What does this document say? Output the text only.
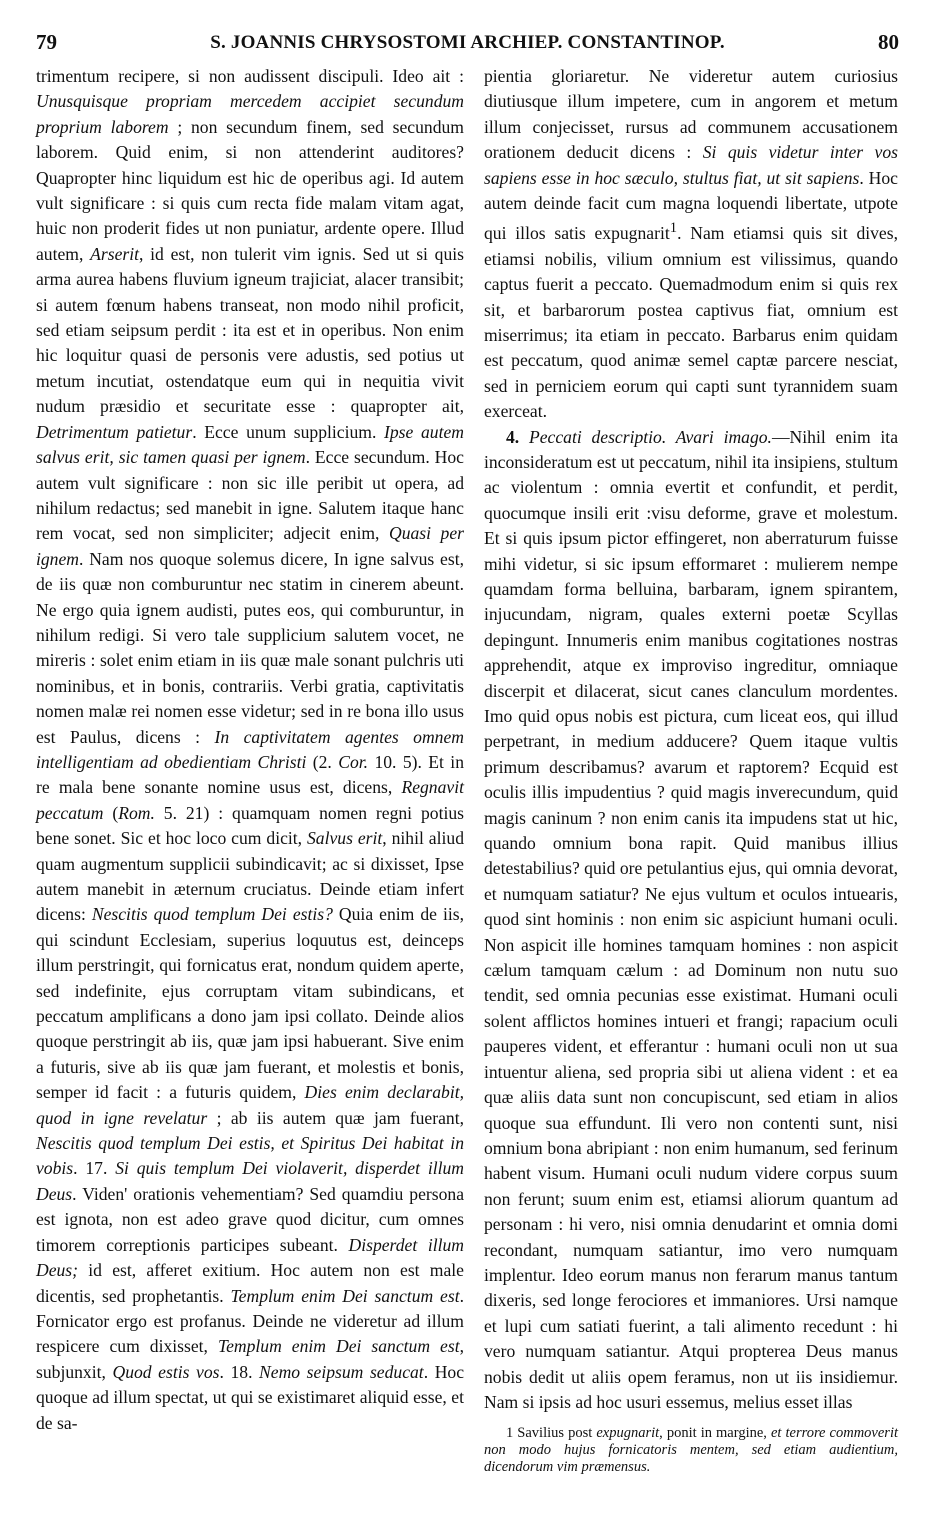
79	S. JOANNIS CHRYSOSTOMI ARCHIEP. CONSTANTINOP.	80

trimentum recipere, si non audissent discipuli. Ideo ait : Unusquisque propriam mercedem accipiet secundum proprium laborem ; non secundum finem, sed secundum laborem. Quid enim, si non attenderint auditores? Quapropter hinc liquidum est hic de operibus agi. Id autem vult significare : si quis cum recta fide malam vitam agat, huic non proderit fides ut non puniatur, ardente opere. Illud autem, Arserit, id est, non tulerit vim ignis. Sed ut si quis arma aurea habens fluvium igneum trajiciat, alacer transibit; si autem fœnum habens transeat, non modo nihil proficit, sed etiam seipsum perdit : ita est et in operibus. Non enim hic loquitur quasi de personis vere adustis, sed potius ut metum incutiat, ostendatque eum qui in nequitia vivit nudum præsidio et securitate esse : quapropter ait, Detrimentum patietur. Ecce unum supplicium. Ipse autem salvus erit, sic tamen quasi per ignem. Ecce secundum. Hoc autem vult significare : non sic ille peribit ut opera, ad nihilum redactus; sed manebit in igne. Salutem itaque hanc rem vocat, sed non simpliciter; adjecit enim, Quasi per ignem. Nam nos quoque solemus dicere, In igne salvus est, de iis quæ non comburuntur nec statim in cinerem abeunt. Ne ergo quia ignem audisti, putes eos, qui comburuntur, in nihilum redigi. Si vero tale supplicium salutem vocet, ne mireris : solet enim etiam in iis quæ male sonant pulchris uti nominibus, et in bonis, contrariis. Verbi gratia, captivitatis nomen malæ rei nomen esse videtur; sed in re bona illo usus est Paulus, dicens : In captivitatem agentes omnem intelligentiam ad obedientiam Christi (2. Cor. 10. 5). Et in re mala bene sonante nomine usus est, dicens, Regnavit peccatum (Rom. 5. 21) : quamquam nomen regni potius bene sonet. Sic et hoc loco cum dicit, Salvus erit, nihil aliud quam augmentum supplicii subindicavit; ac si dixisset, Ipse autem manebit in æternum cruciatus. Deinde etiam infert dicens: Nescitis quod templum Dei estis? Quia enim de iis, qui scindunt Ecclesiam, superius loquutus est, deinceps illum perstringit, qui fornicatus erat, nondum quidem aperte, sed indefinite, ejus corruptam vitam subindicans, et peccatum amplificans a dono jam ipsi collato. Deinde alios quoque perstringit ab iis, quæ jam ipsi habuerant. Sive enim a futuris, sive ab iis quæ jam fuerant, et molestis et bonis, semper id facit : a futuris quidem, Dies enim declarabit, quod in igne revelatur ; ab iis autem quæ jam fuerant, Nescitis quod templum Dei estis, et Spiritus Dei habitat in vobis. 17. Si quis templum Dei violaverit, disperdet illum Deus. Viden' orationis vehementiam? Sed quamdiu persona est ignota, non est adeo grave quod dicitur, cum omnes timorem correptionis participes subeant. Disperdet illum Deus; id est, afferet exitium. Hoc autem non est male dicentis, sed prophetantis. Templum enim Dei sanctum est. Fornicator ergo est profanus. Deinde ne videretur ad illum respicere cum dixisset, Templum enim Dei sanctum est, subjunxit, Quod estis vos. 18. Nemo seipsum seducat. Hoc quoque ad illum spectat, ut qui se existimaret aliquid esse, et de sa-

pientia gloriaretur. Ne videretur autem curiosius diutiusque illum impetere, cum in angorem et metum illum conjecisset, rursus ad communem accusationem orationem deducit dicens : Si quis videtur inter vos sapiens esse in hoc sæculo, stultus fiat, ut sit sapiens. Hoc autem deinde facit cum magna loquendi libertate, utpote qui illos satis expugnarit$^1$. Nam etiamsi quis sit dives, etiamsi nobilis, vilium omnium est vilissimus, quando captus fuerit a peccato. Quemadmodum enim si quis rex sit, et barbarorum postea captivus fiat, omnium est miserrimus; ita etiam in peccato. Barbarus enim quidam est peccatum, quod animæ semel captæ parcere nesciat, sed in perniciem eorum qui capti sunt tyrannidem suam exerceat.

4. Peccati descriptio. Avari imago.—Nihil enim ita inconsideratum est ut peccatum, nihil ita insipiens, stultum ac violentum : omnia evertit et confundit, et perdit, quocumque insili erit :visu deforme, grave et molestum. Et si quis ipsum pictor effingeret, non aberraturum fuisse mihi videtur, si sic ipsum efformaret : mulierem nempe quamdam forma belluina, barbaram, ignem spirantem, injucundam, nigram, quales externi poetæ Scyllas depingunt. Innumeris enim manibus cogitationes nostras apprehendit, atque ex improviso ingreditur, omniaque discerpit et dilacerat, sicut canes clanculum mordentes. Imo quid opus nobis est pictura, cum liceat eos, qui illud perpetrant, in medium adducere? Quem itaque vultis primum describamus? avarum et raptorem? Ecquid est oculis illis impudentius ? quid magis inverecundum, quid magis caninum ? non enim canis ita impudens stat ut hic, quando omnium bona rapit. Quid manibus illius detestabilius? quid ore petulantius ejus, qui omnia devorat, et numquam satiatur? Ne ejus vultum et oculos intuearis, quod sint hominis : non enim sic aspiciunt humani oculi. Non aspicit ille homines tamquam homines : non aspicit cælum tamquam cælum : ad Dominum non nutu suo tendit, sed omnia pecunias esse existimat. Humani oculi solent afflictos homines intueri et frangi; rapacium oculi pauperes vident, et efferantur : humani oculi non ut sua intuentur aliena, sed propria sibi ut aliena vident : et ea quæ aliis data sunt non concupiscunt, sed etiam in alios quoque sua effundunt. Ili vero non contenti sunt, nisi omnium bona abripiant : non enim humanum, sed ferinum habent visum. Humani oculi nudum videre corpus suum non ferunt; suum enim est, etiamsi aliorum quantum ad personam : hi vero, nisi omnia denudarint et omnia domi recondant, numquam satiantur, imo vero numquam implentur. Ideo eorum manus non ferarum manus tantum dixeris, sed longe ferociores et immaniores. Ursi namque et lupi cum satiati fuerint, a tali alimento recedunt : hi vero numquam satiantur. Atqui propterea Deus manus nobis dedit ut aliis opem feramus, non ut iis insidiemur. Nam si ipsis ad hoc usuri essemus, melius esset illas

1 Savilius post expugnarit, ponit in margine, et terrore commoverit non modo hujus fornicatoris mentem, sed etiam audientium, dicendorum vim præmensus.
